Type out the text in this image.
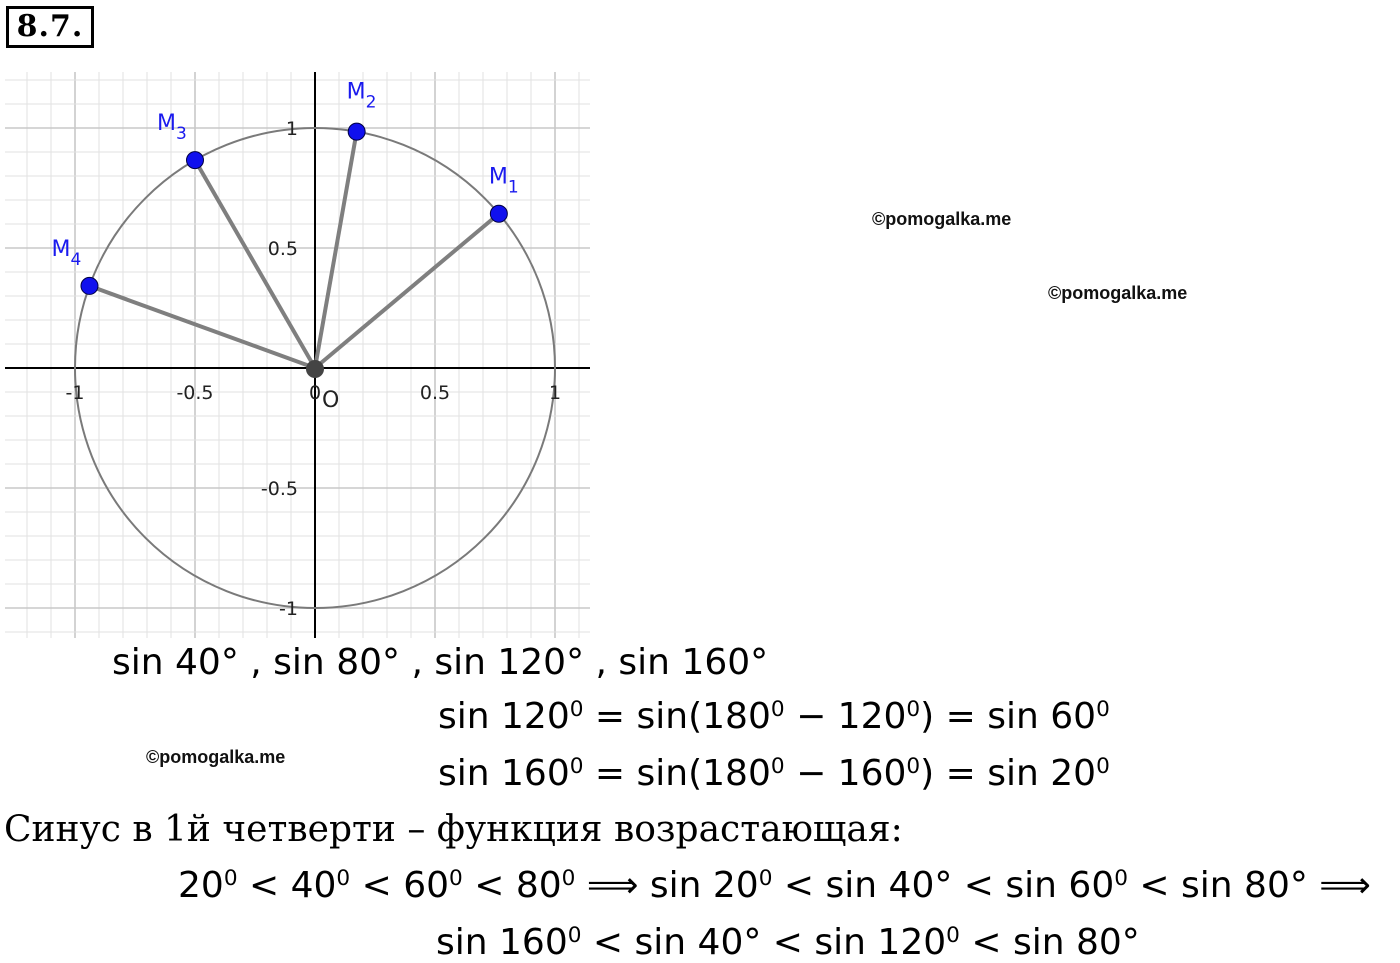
8.7.
-1	-0.5	0	0.5	1
1
0.5
-0.5
-1
O
$M_1$
$M_2$
$M_3$
$M_4$
©pomogalka.me
©pomogalka.me
©pomogalka.me
sin 40° , sin 80° , sin 120° , sin 160°
$\sin 120^0 = \sin(180^0 - 120^0) = \sin 60^0$
$\sin 160^0 = \sin(180^0 - 160^0) = \sin 20^0$
Синус в 1й четверти – функция возрастающая:
$20^0 < 40^0 < 60^0 < 80^0$ ⟹ $\sin 20^0 < \sin 40^\circ < \sin 60^0 < \sin 80^\circ$ ⟹
$\sin 160^0 < \sin 40^\circ < \sin 120^0 < \sin 80^\circ$
